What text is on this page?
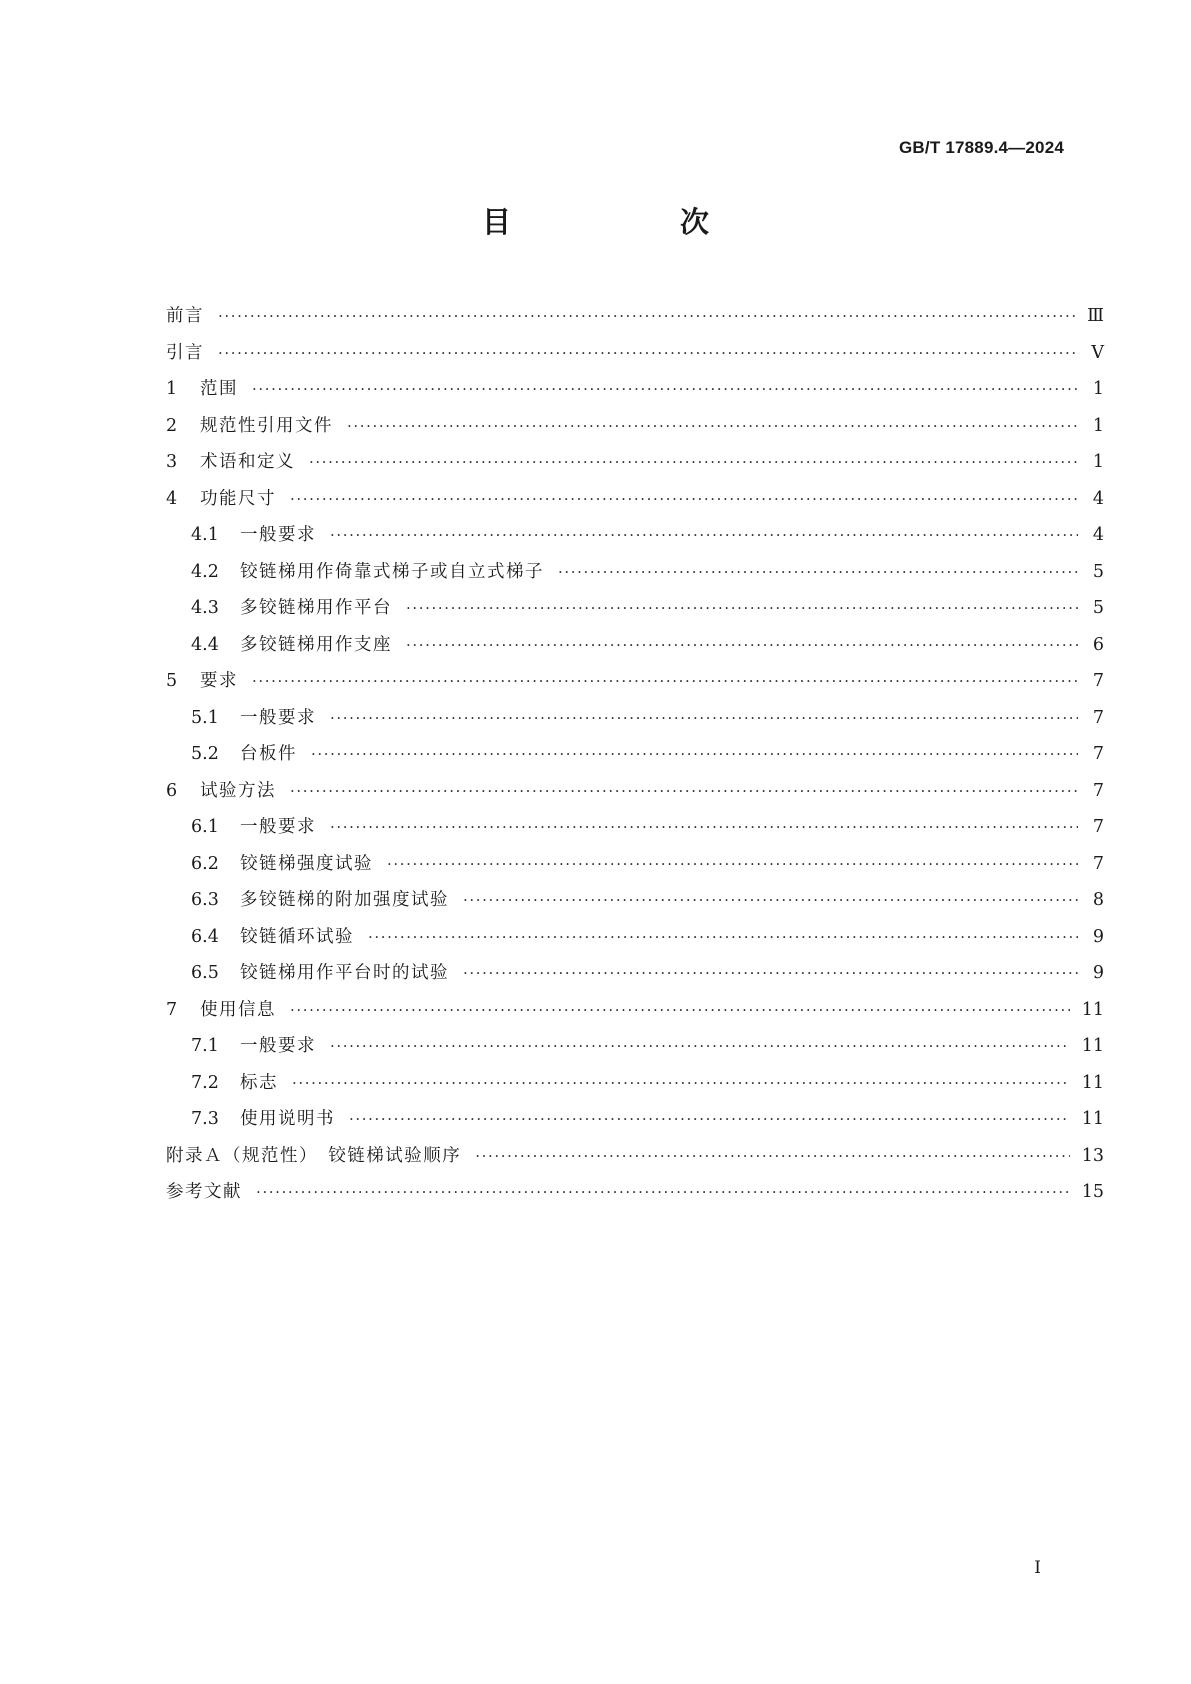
GB/T 17889.4—2024
目　次
前言 ·····	Ⅲ
引言 ·····	Ⅴ
1	范围 ·····	1
2	规范性引用文件 ·····	1
3	术语和定义 ·····	1
4	功能尺寸 ·····	4
4.1	一般要求 ·····	4
4.2	铰链梯用作倚靠式梯子或自立式梯子 ·····	5
4.3	多铰链梯用作平台 ·····	5
4.4	多铰链梯用作支座 ·····	6
5	要求 ·····	7
5.1	一般要求 ·····	7
5.2	台板件 ·····	7
6	试验方法 ·····	7
6.1	一般要求 ·····	7
6.2	铰链梯强度试验 ·····	7
6.3	多铰链梯的附加强度试验 ·····	8
6.4	铰链循环试验 ·····	9
6.5	铰链梯用作平台时的试验 ·····	9
7	使用信息 ·····	11
7.1	一般要求 ·····	11
7.2	标志 ·····	11
7.3	使用说明书 ·····	11
附录Ａ（规范性）　铰链梯试验顺序 ·····	13
参考文献 ·····	15
Ⅰ
